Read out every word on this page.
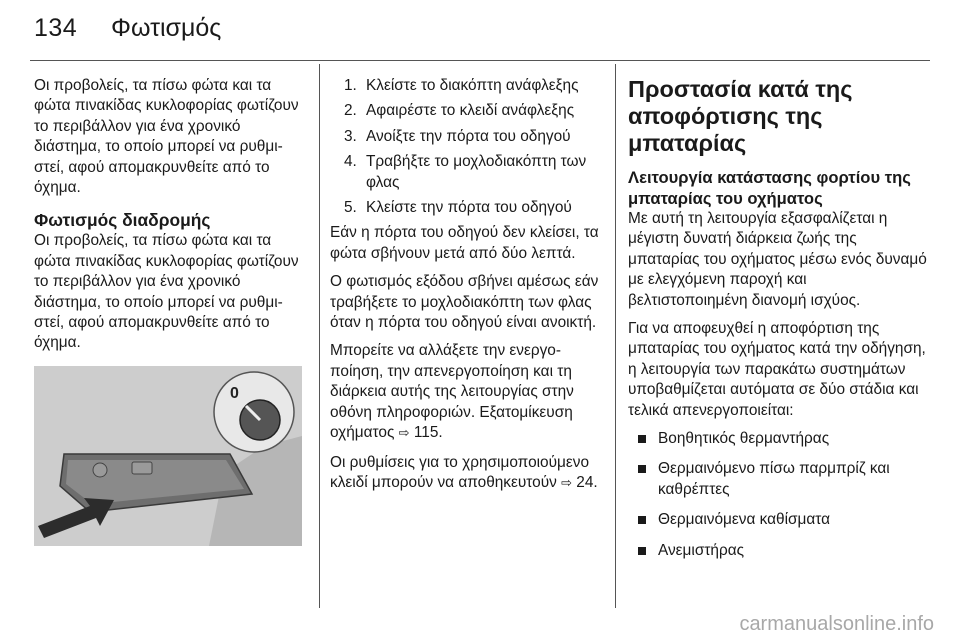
134 Φωτισμός

Οι προβολείς, τα πίσω φώτα και τα φώτα πινακίδας κυκλοφορίας φωτίζουν το περιβάλλον για ένα χρονικό διάστημα, το οποίο μπορεί να ρυθμιστεί, αφού απομακρυνθείτε από το όχημα.

Φωτισμός διαδρομής

Οι προβολείς, τα πίσω φώτα και τα φώτα πινακίδας κυκλοφορίας φωτίζουν το περιβάλλον για ένα χρονικό διάστημα, το οποίο μπορεί να ρυθμιστεί, αφού απομακρυνθείτε από το όχημα.

0
1. Κλείστε το διακόπτη ανάφλεξης
2. Αφαιρέστε το κλειδί ανάφλεξης
3. Ανοίξτε την πόρτα του οδηγού
4. Τραβήξτε το μοχλοδιακόπτη των φλας
5. Κλείστε την πόρτα του οδηγού

Εάν η πόρτα του οδηγού δεν κλείσει, τα φώτα σβήνουν μετά από δύο λεπτά.

Ο φωτισμός εξόδου σβήνει αμέσως εάν τραβήξετε το μοχλοδιακόπτη των φλας όταν η πόρτα του οδηγού είναι ανοικτή.

Μπορείτε να αλλάξετε την ενεργοποίηση, την απενεργοποίηση και τη διάρκεια αυτής της λειτουργίας στην οθόνη πληροφοριών. Εξατομίκευση οχήματος ⇨ 115.

Οι ρυθμίσεις για το χρησιμοποιούμενο κλειδί μπορούν να αποθηκευτούν ⇨ 24.

Προστασία κατά της αποφόρτισης της μπαταρίας
Λειτουργία κατάστασης φορτίου της μπαταρίας του οχήματος

Με αυτή τη λειτουργία εξασφαλίζεται η μέγιστη δυνατή διάρκεια ζωής της μπαταρίας του οχήματος μέσω ενός δυναμό με ελεγχόμενη παροχή και βελτιστοποιημένη διανομή ισχύος.

Για να αποφευχθεί η αποφόρτιση της μπαταρίας του οχήματος κατά την οδήγηση, η λειτουργία των παρακάτω συστημάτων υποβαθμίζεται αυτόματα σε δύο στάδια και τελικά απενεργοποιείται:

Βοηθητικός θερμαντήρας
Θερμαινόμενο πίσω παρμπρίζ και καθρέπτες
Θερμαινόμενα καθίσματα
Ανεμιστήρας
carmanualsonline.info
